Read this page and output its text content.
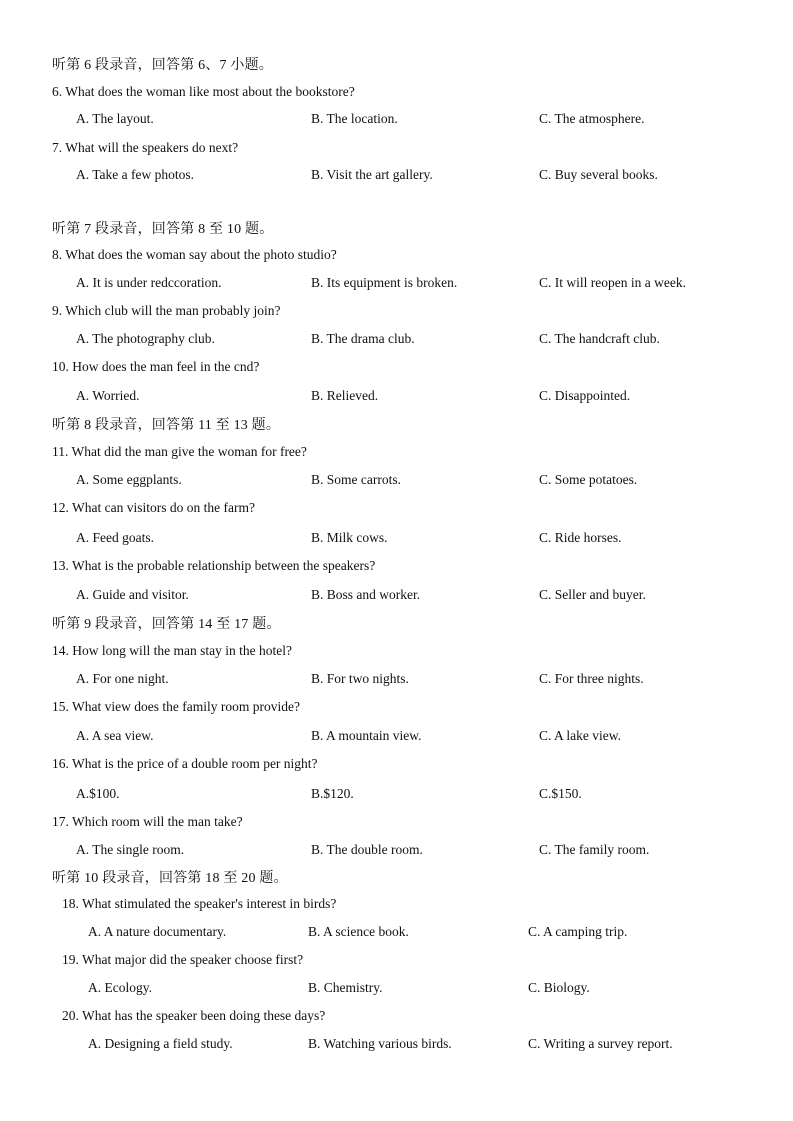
听第 6 段录音，回答第 6、7 小题。
6. What does the woman like most about the bookstore?
A. The layout.	B. The location.	C. The atmosphere.
7. What will the speakers do next?
A. Take a few photos.	B. Visit the art gallery.	C. Buy several books.
听第 7 段录音，回答第 8 至 10 题。
8. What does the woman say about the photo studio?
A. It is under redccoration.	B. Its equipment is broken.	C. It will reopen in a week.
9. Which club will the man probably join?
A. The photography club.	B. The drama club.	C. The handcraft club.
10. How does the man feel in the cnd?
A. Worried.	B. Relieved.	C. Disappointed.
听第 8 段录音，回答第 11 至 13 题。
11. What did the man give the woman for free?
A. Some eggplants.	B. Some carrots.	C. Some potatoes.
12. What can visitors do on the farm?
A. Feed goats.	B. Milk cows.	C. Ride horses.
13. What is the probable relationship between the speakers?
A. Guide and visitor.	B. Boss and worker.	C. Seller and buyer.
听第 9 段录音，回答第 14 至 17 题。
14. How long will the man stay in the hotel?
A. For one night.	B. For two nights.	C. For three nights.
15. What view does the family room provide?
A. A sea view.	B. A mountain view.	C. A lake view.
16. What is the price of a double room per night?
A.$100.	B.$120.	C.$150.
17. Which room will the man take?
A. The single room.	B. The double room.	C. The family room.
听第 10 段录音，回答第 18 至 20 题。
18. What stimulated the speaker's interest in birds?
A. A nature documentary.	B. A science book.	C. A camping trip.
19. What major did the speaker choose first?
A. Ecology.	B. Chemistry.	C. Biology.
20. What has the speaker been doing these days?
A. Designing a field study.	B. Watching various birds.	C. Writing a survey report.
